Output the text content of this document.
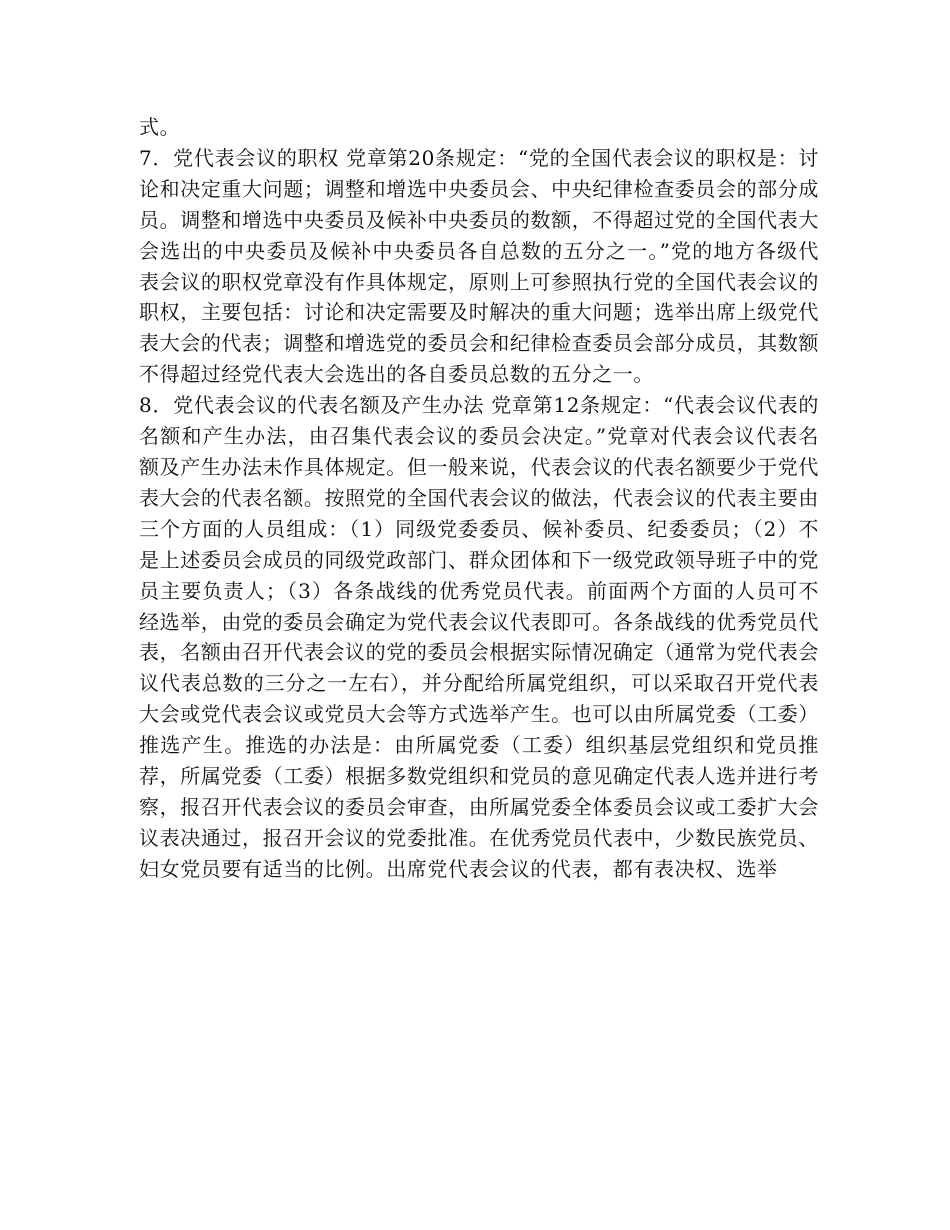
式。

7．党代表会议的职权 党章第20条规定：“党的全国代表会议的职权是：讨论和决定重大问题；调整和增选中央委员会、中央纪律检查委员会的部分成员。调整和增选中央委员及候补中央委员的数额，不得超过党的全国代表大会选出的中央委员及候补中央委员各自总数的五分之一。”党的地方各级代表会议的职权党章没有作具体规定，原则上可参照执行党的全国代表会议的职权，主要包括：讨论和决定需要及时解决的重大问题；选举出席上级党代表大会的代表；调整和增选党的委员会和纪律检查委员会部分成员，其数额不得超过经党代表大会选出的各自委员总数的五分之一。

8．党代表会议的代表名额及产生办法 党章第12条规定：“代表会议代表的名额和产生办法，由召集代表会议的委员会决定。”党章对代表会议代表名额及产生办法未作具体规定。但一般来说，代表会议的代表名额要少于党代表大会的代表名额。按照党的全国代表会议的做法，代表会议的代表主要由三个方面的人员组成：（1）同级党委委员、候补委员、纪委委员；（2）不是上述委员会成员的同级党政部门、群众团体和下一级党政领导班子中的党员主要负责人；（3）各条战线的优秀党员代表。前面两个方面的人员可不经选举，由党的委员会确定为党代表会议代表即可。各条战线的优秀党员代表，名额由召开代表会议的党的委员会根据实际情况确定（通常为党代表会议代表总数的三分之一左右），并分配给所属党组织，可以采取召开党代表大会或党代表会议或党员大会等方式选举产生。也可以由所属党委（工委）推选产生。推选的办法是：由所属党委（工委）组织基层党组织和党员推荐，所属党委（工委）根据多数党组织和党员的意见确定代表人选并进行考察，报召开代表会议的委员会审查，由所属党委全体委员会议或工委扩大会议表决通过，报召开会议的党委批准。在优秀党员代表中，少数民族党员、妇女党员要有适当的比例。出席党代表会议的代表，都有表决权、选举
